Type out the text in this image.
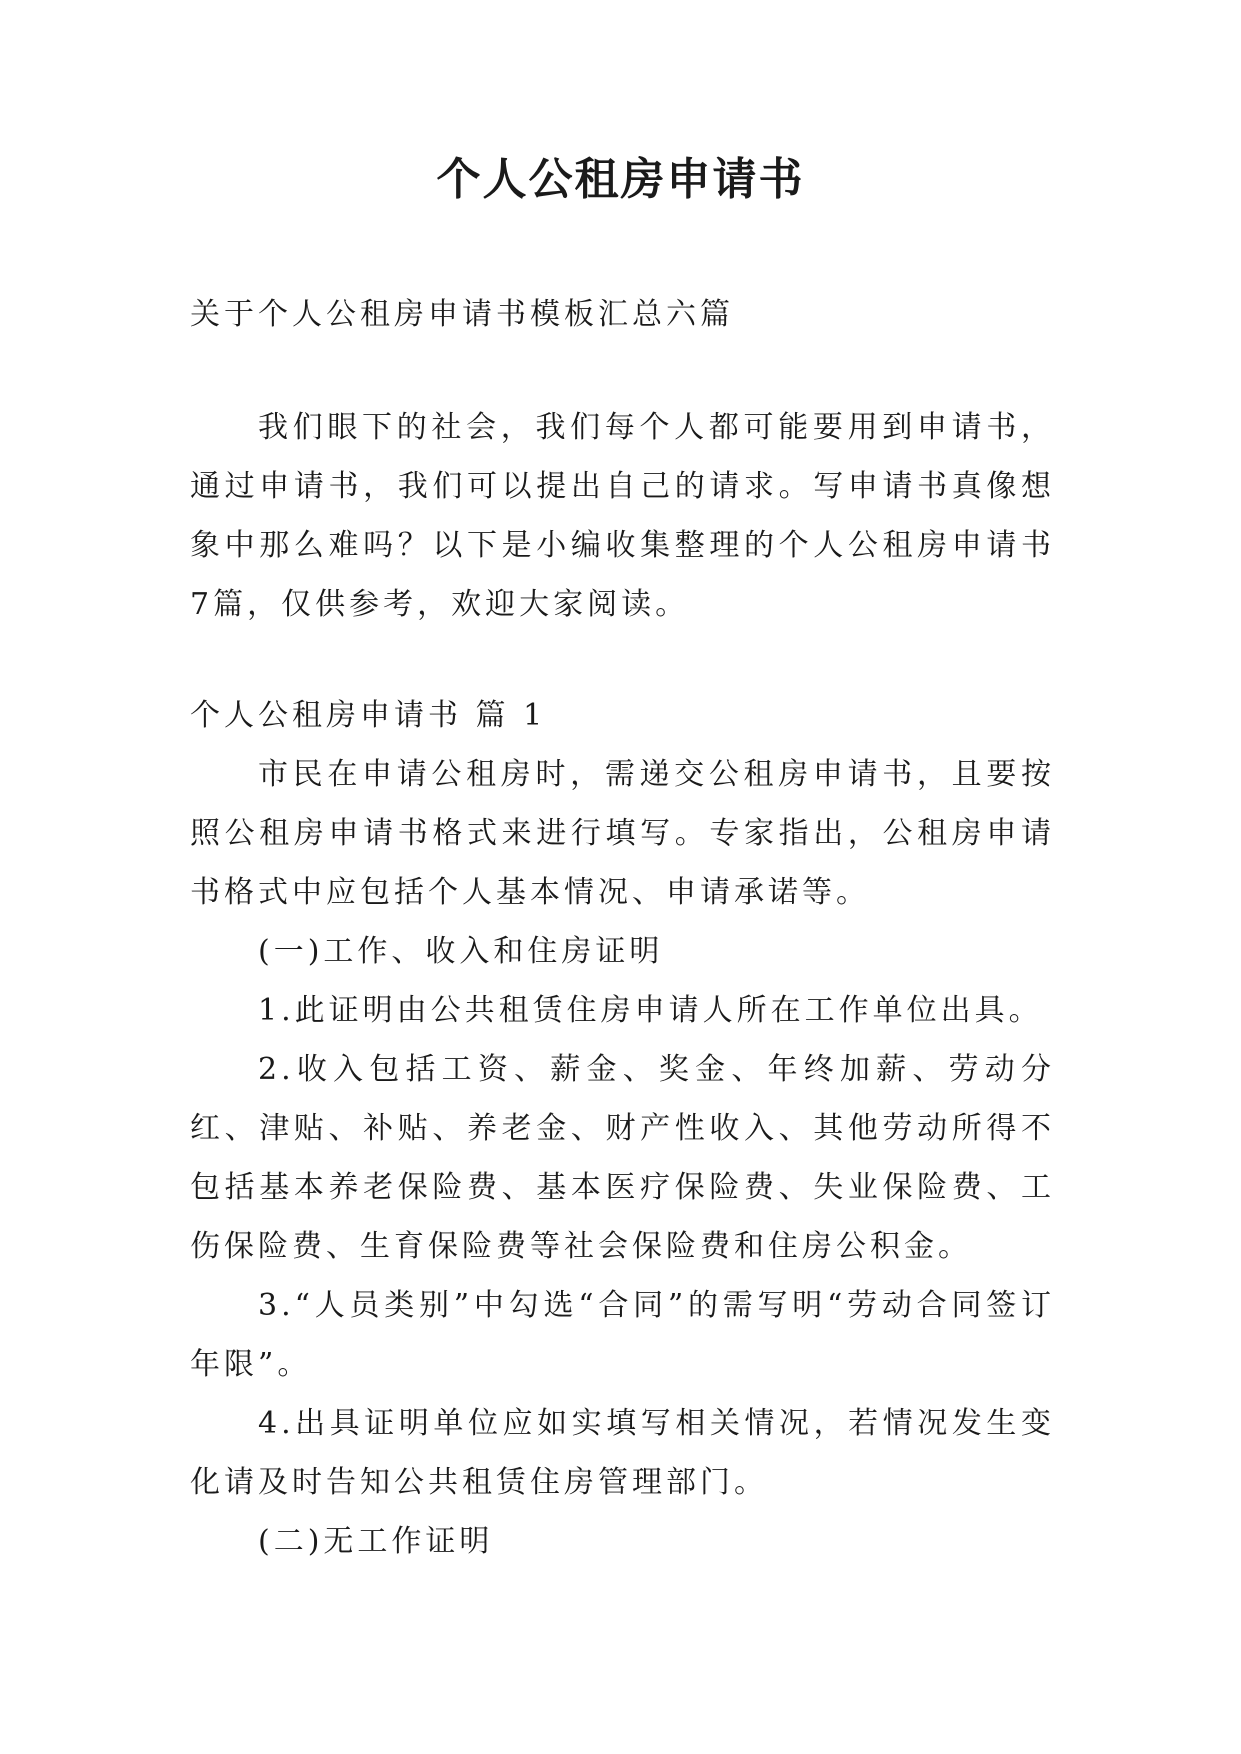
个人公租房申请书

关于个人公租房申请书模板汇总六篇

我们眼下的社会，我们每个人都可能要用到申请书，通过申请书，我们可以提出自己的请求。写申请书真像想象中那么难吗？以下是小编收集整理的个人公租房申请书7篇，仅供参考，欢迎大家阅读。

个人公租房申请书 篇 1

市民在申请公租房时，需递交公租房申请书，且要按照公租房申请书格式来进行填写。专家指出，公租房申请书格式中应包括个人基本情况、申请承诺等。

(一)工作、收入和住房证明

1.此证明由公共租赁住房申请人所在工作单位出具。

2.收入包括工资、薪金、奖金、年终加薪、劳动分红、津贴、补贴、养老金、财产性收入、其他劳动所得不包括基本养老保险费、基本医疗保险费、失业保险费、工伤保险费、生育保险费等社会保险费和住房公积金。

3.“人员类别”中勾选“合同”的需写明“劳动合同签订年限”。

4.出具证明单位应如实填写相关情况，若情况发生变化请及时告知公共租赁住房管理部门。

(二)无工作证明
